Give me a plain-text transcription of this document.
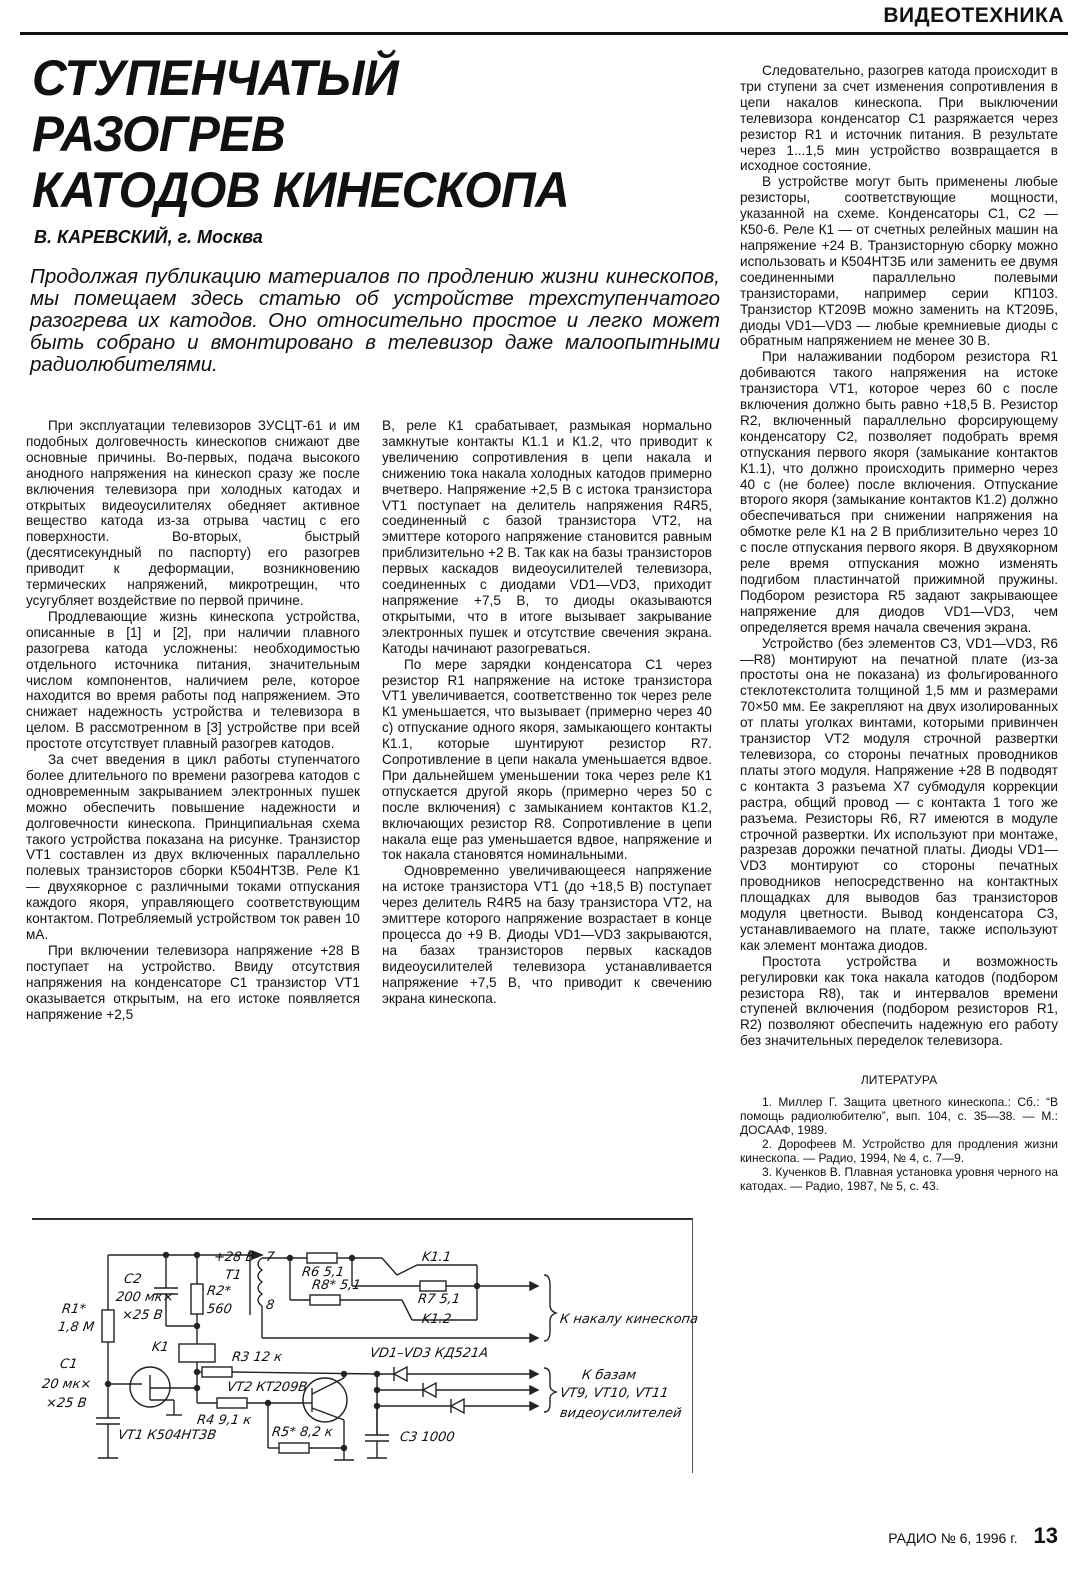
ВИДЕОТЕХНИКА
СТУПЕНЧАТЫЙ
РАЗОГРЕВ
КАТОДОВ КИНЕСКОПА
В. КАРЕВСКИЙ, г. Москва
Продолжая публикацию материалов по продлению жизни кинескопов, мы помещаем здесь статью об устройстве трехступенчатого разогрева их катодов. Оно относительно простое и легко может быть собрано и вмонтировано в телевизор даже малоопытными радиолюбителями.

При эксплуатации телевизоров ЗУСЦТ-61 и им подобных долговечность кинескопов снижают две основные причины. Во-первых, подача высокого анодного напряжения на кинескоп сразу же после включения телевизора при холодных катодах и открытых видеоусилителях обедняет активное вещество катода из-за отрыва частиц с его поверхности. Во-вторых, быстрый (десятисекундный по паспорту) его разогрев приводит к деформации, возникновению термических напряжений, микротрещин, что усугубляет воздействие по первой причине.

Продлевающие жизнь кинескопа устройства, описанные в [1] и [2], при наличии плавного разогрева катода усложнены: необходимостью отдельного источника питания, значительным числом компонентов, наличием реле, которое находится во время работы под напряжением. Это снижает надежность устройства и телевизора в целом. В рассмотренном в [3] устройстве при всей простоте отсутствует плавный разогрев катодов.

За счет введения в цикл работы ступенчатого более длительного по времени разогрева катодов с одновременным закрыванием электронных пушек можно обеспечить повышение надежности и долговечности кинескопа. Принципиальная схема такого устройства показана на рисунке. Транзистор VT1 составлен из двух включенных параллельно полевых транзисторов сборки К504НТ3В. Реле К1 — двухякорное с различными токами отпускания каждого якоря, управляющего соответствующим контактом. Потребляемый устройством ток равен 10 мА.

При включении телевизора напряжение +28 В поступает на устройство. Ввиду отсутствия напряжения на конденсаторе С1 транзистор VT1 оказывается открытым, на его истоке появляется напряжение +2,5

В, реле К1 срабатывает, размыкая нормально замкнутые контакты К1.1 и К1.2, что приводит к увеличению сопротивления в цепи накала и снижению тока накала холодных катодов примерно вчетверо. Напряжение +2,5 В с истока транзистора VT1 поступает на делитель напряжения R4R5, соединенный с базой транзистора VT2, на эмиттере которого напряжение становится равным приблизительно +2 В. Так как на базы транзисторов первых каскадов видеоусилителей телевизора, соединенных с диодами VD1—VD3, приходит напряжение +7,5 В, то диоды оказываются открытыми, что в итоге вызывает закрывание электронных пушек и отсутствие свечения экрана. Катоды начинают разогреваться.

По мере зарядки конденсатора С1 через резистор R1 напряжение на истоке транзистора VT1 увеличивается, соответственно ток через реле К1 уменьшается, что вызывает (примерно через 40 с) отпускание одного якоря, замыкающего контакты К1.1, которые шунтируют резистор R7. Сопротивление в цепи накала уменьшается вдвое. При дальнейшем уменьшении тока через реле К1 отпускается другой якорь (примерно через 50 с после включения) с замыканием контактов К1.2, включающих резистор R8. Сопротивление в цепи накала еще раз уменьшается вдвое, напряжение и ток накала становятся номинальными.

Одновременно увеличивающееся напряжение на истоке транзистора VT1 (до +18,5 В) поступает через делитель R4R5 на базу транзистора VT2, на эмиттере которого напряжение возрастает в конце процесса до +9 В. Диоды VD1—VD3 закрываются, на базах транзисторов первых каскадов видеоусилителей телевизора устанавливается напряжение +7,5 В, что приводит к свечению экрана кинескопа.

Следовательно, разогрев катода происходит в три ступени за счет изменения сопротивления в цепи накалов кинескопа. При выключении телевизора конденсатор С1 разряжается через резистор R1 и источник питания. В результате через 1...1,5 мин устройство возвращается в исходное состояние.

В устройстве могут быть применены любые резисторы, соответствующие мощности, указанной на схеме. Конденсаторы С1, С2 — К50-6. Реле К1 — от счетных релейных машин на напряжение +24 В. Транзисторную сборку можно использовать и К504НТ3Б или заменить ее двумя соединенными параллельно полевыми транзисторами, например серии КП103. Транзистор КТ209В можно заменить на КТ209Б, диоды VD1—VD3 — любые кремниевые диоды с обратным напряжением не менее 30 В.

При налаживании подбором резистора R1 добиваются такого напряжения на истоке транзистора VT1, которое через 60 с после включения должно быть равно +18,5 В. Резистор R2, включенный параллельно форсирующему конденсатору С2, позволяет подобрать время отпускания первого якоря (замыкание контактов К1.1), что должно происходить примерно через 40 с (не более) после включения. Отпускание второго якоря (замыкание контактов К1.2) должно обеспечиваться при снижении напряжения на обмотке реле К1 на 2 В приблизительно через 10 с после отпускания первого якоря. В двухякорном реле время отпускания можно изменять подгибом пластинчатой прижимной пружины. Подбором резистора R5 задают закрывающее напряжение для диодов VD1—VD3, чем определяется время начала свечения экрана.

Устройство (без элементов С3, VD1—VD3, R6—R8) монтируют на печатной плате (из-за простоты она не показана) из фольгированного стеклотекстолита толщиной 1,5 мм и размерами 70×50 мм. Ее закрепляют на двух изолированных от платы уголках винтами, которыми привинчен транзистор VT2 модуля строчной развертки телевизора, со стороны печатных проводников платы этого модуля. Напряжение +28 В подводят с контакта 3 разъема Х7 субмодуля коррекции растра, общий провод — с контакта 1 того же разъема. Резисторы R6, R7 имеются в модуле строчной развертки. Их используют при монтаже, разрезав дорожки печатной платы. Диоды VD1—VD3 монтируют со стороны печатных проводников непосредственно на контактных площадках для выводов баз транзисторов модуля цветности. Вывод конденсатора С3, устанавливаемого на плате, также используют как элемент монтажа диодов.

Простота устройства и возможность регулировки как тока накала катодов (подбором резистора R8), так и интервалов времени ступеней включения (подбором резисторов R1, R2) позволяют обеспечить надежную его работу без значительных переделок телевизора.

ЛИТЕРАТУРА

1. Миллер Г. Защита цветного кинескопа.: Сб.: “В помощь радиолюбителю”, вып. 104, с. 35—38. — М.: ДОСААФ, 1989.

2. Дорофеев М. Устройство для продления жизни кинескопа. — Радио, 1994, № 4, с. 7—9.

3. Кученков В. Плавная установка уровня черного на катодах. — Радио, 1987, № 5, с. 43.

+28 В
T1
7
8
C2
200 мк×
×25 В
R2*
560
R1*
1,8 М
C1
20 мк×
×25 В
K1
R3 12 к
VT2 КТ209В
R4 9,1 к
R5* 8,2 к
VT1 К504НТ3В
R6 5,1
R8* 5,1
R7 5,1
K1.1
K1.2	К накалу кинескопа
VD1–VD3 КД521А
К базам
VT9, VT10, VT11
видеоусилителей
C3 1000
РАДИО № 6, 1996 г. 13
